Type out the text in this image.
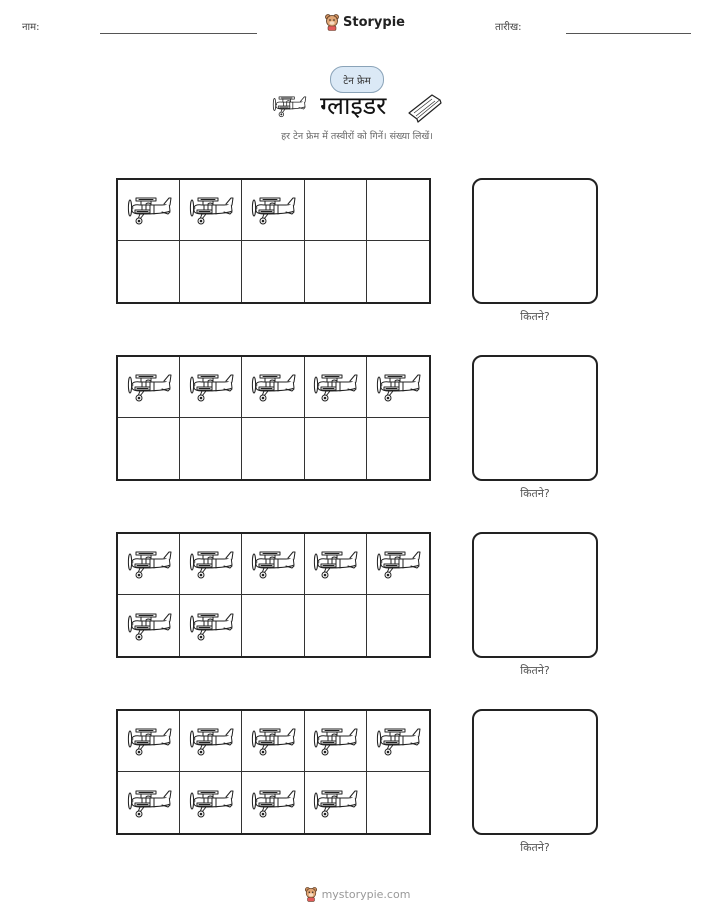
नाम:	Storypie	तारीख:
टेन फ्रेम
ग्लाइडर
हर टेन फ्रेम में तस्वीरों को गिनें। संख्या लिखें।
कितने?
कितने?
कितने?
कितने?
mystorypie.com
